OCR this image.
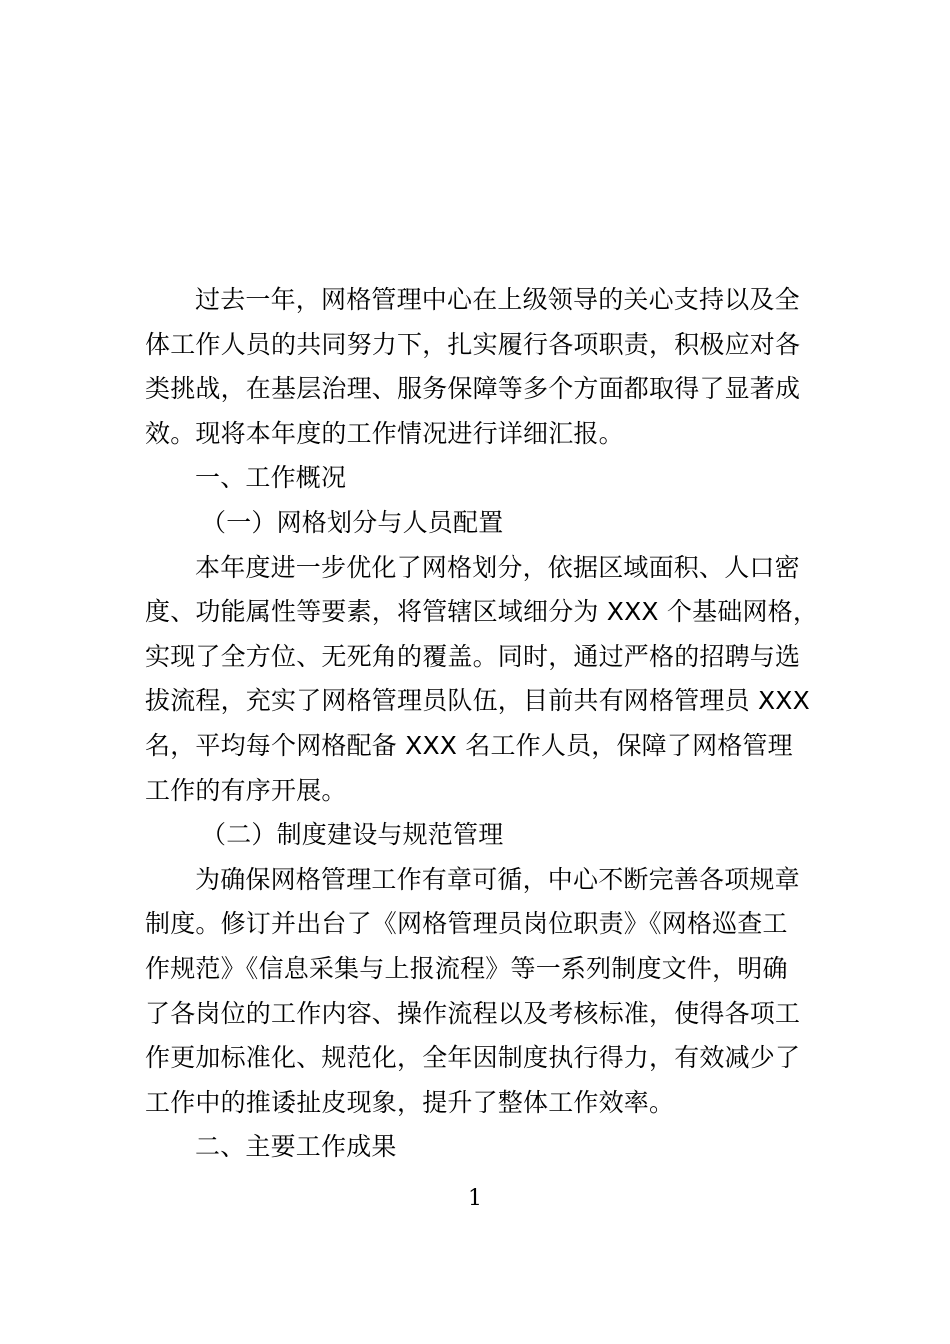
过去一年，网格管理中心在上级领导的关心支持以及全
体工作人员的共同努力下，扎实履行各项职责，积极应对各
类挑战，在基层治理、服务保障等多个方面都取得了显著成
效。现将本年度的工作情况进行详细汇报。
一、工作概况
（一）网格划分与人员配置
本年度进一步优化了网格划分，依据区域面积、人口密
度、功能属性等要素，将管辖区域细分为 XXX 个基础网格，
实现了全方位、无死角的覆盖。同时，通过严格的招聘与选
拔流程，充实了网格管理员队伍，目前共有网格管理员 XXX
名，平均每个网格配备 XXX 名工作人员，保障了网格管理
工作的有序开展。
（二）制度建设与规范管理
为确保网格管理工作有章可循，中心不断完善各项规章
制度。修订并出台了《网格管理员岗位职责》《网格巡查工
作规范》《信息采集与上报流程》等一系列制度文件，明确
了各岗位的工作内容、操作流程以及考核标准，使得各项工
作更加标准化、规范化，全年因制度执行得力，有效减少了
工作中的推诿扯皮现象，提升了整体工作效率。
二、主要工作成果
1
